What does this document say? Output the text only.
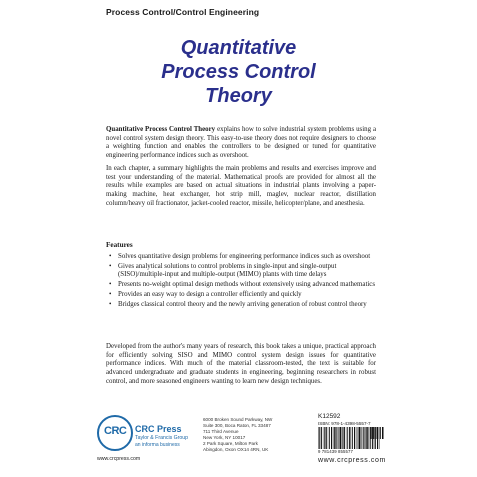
Process Control/Control Engineering
Quantitative
Process Control
Theory
Quantitative Process Control Theory explains how to solve industrial system problems using a novel control system design theory. This easy-to-use theory does not require designers to choose a weighting function and enables the controllers to be designed or tuned for quantitative engineering performance indices such as overshoot.
In each chapter, a summary highlights the main problems and results and exercises improve and test your understanding of the material. Mathematical proofs are provided for almost all the results while examples are based on actual situations in industrial plants involving a paper-making machine, heat exchanger, hot strip mill, maglev, nuclear reactor, distillation column/heavy oil fractionator, jacket-cooled reactor, missile, helicopter/plane, and anesthesia.
Features
• Solves quantitative design problems for engineering performance indices such as overshoot
• Gives analytical solutions to control problems in single-input and single-output (SISO)/multiple-input and multiple-output (MIMO) plants with time delays
• Presents no-weight optimal design methods without extensively using advanced mathematics
• Provides an easy way to design a controller efficiently and quickly
• Bridges classical control theory and the newly arriving generation of robust control theory
Developed from the author's many years of research, this book takes a unique, practical approach for efficiently solving SISO and MIMO control system design issues for quantitative performance indices. With much of the material classroom-tested, the text is suitable for advanced undergraduate and graduate students in engineering, beginning researchers in robust control, and more seasoned engineers wanting to learn new design techniques.
CRC CRC Press
Taylor & Francis Group
an informa business
www.crcpress.com
6000 Broken Sound Parkway, NW
Suite 300, Boca Raton, FL 33487
711 Third Avenue
New York, NY 10017
2 Park Square, Milton Park
Abingdon, Oxon OX14 4RN, UK
K12592
ISBN: 978-1-4398-5557-7
9 781439 855577
www.crcpress.com
